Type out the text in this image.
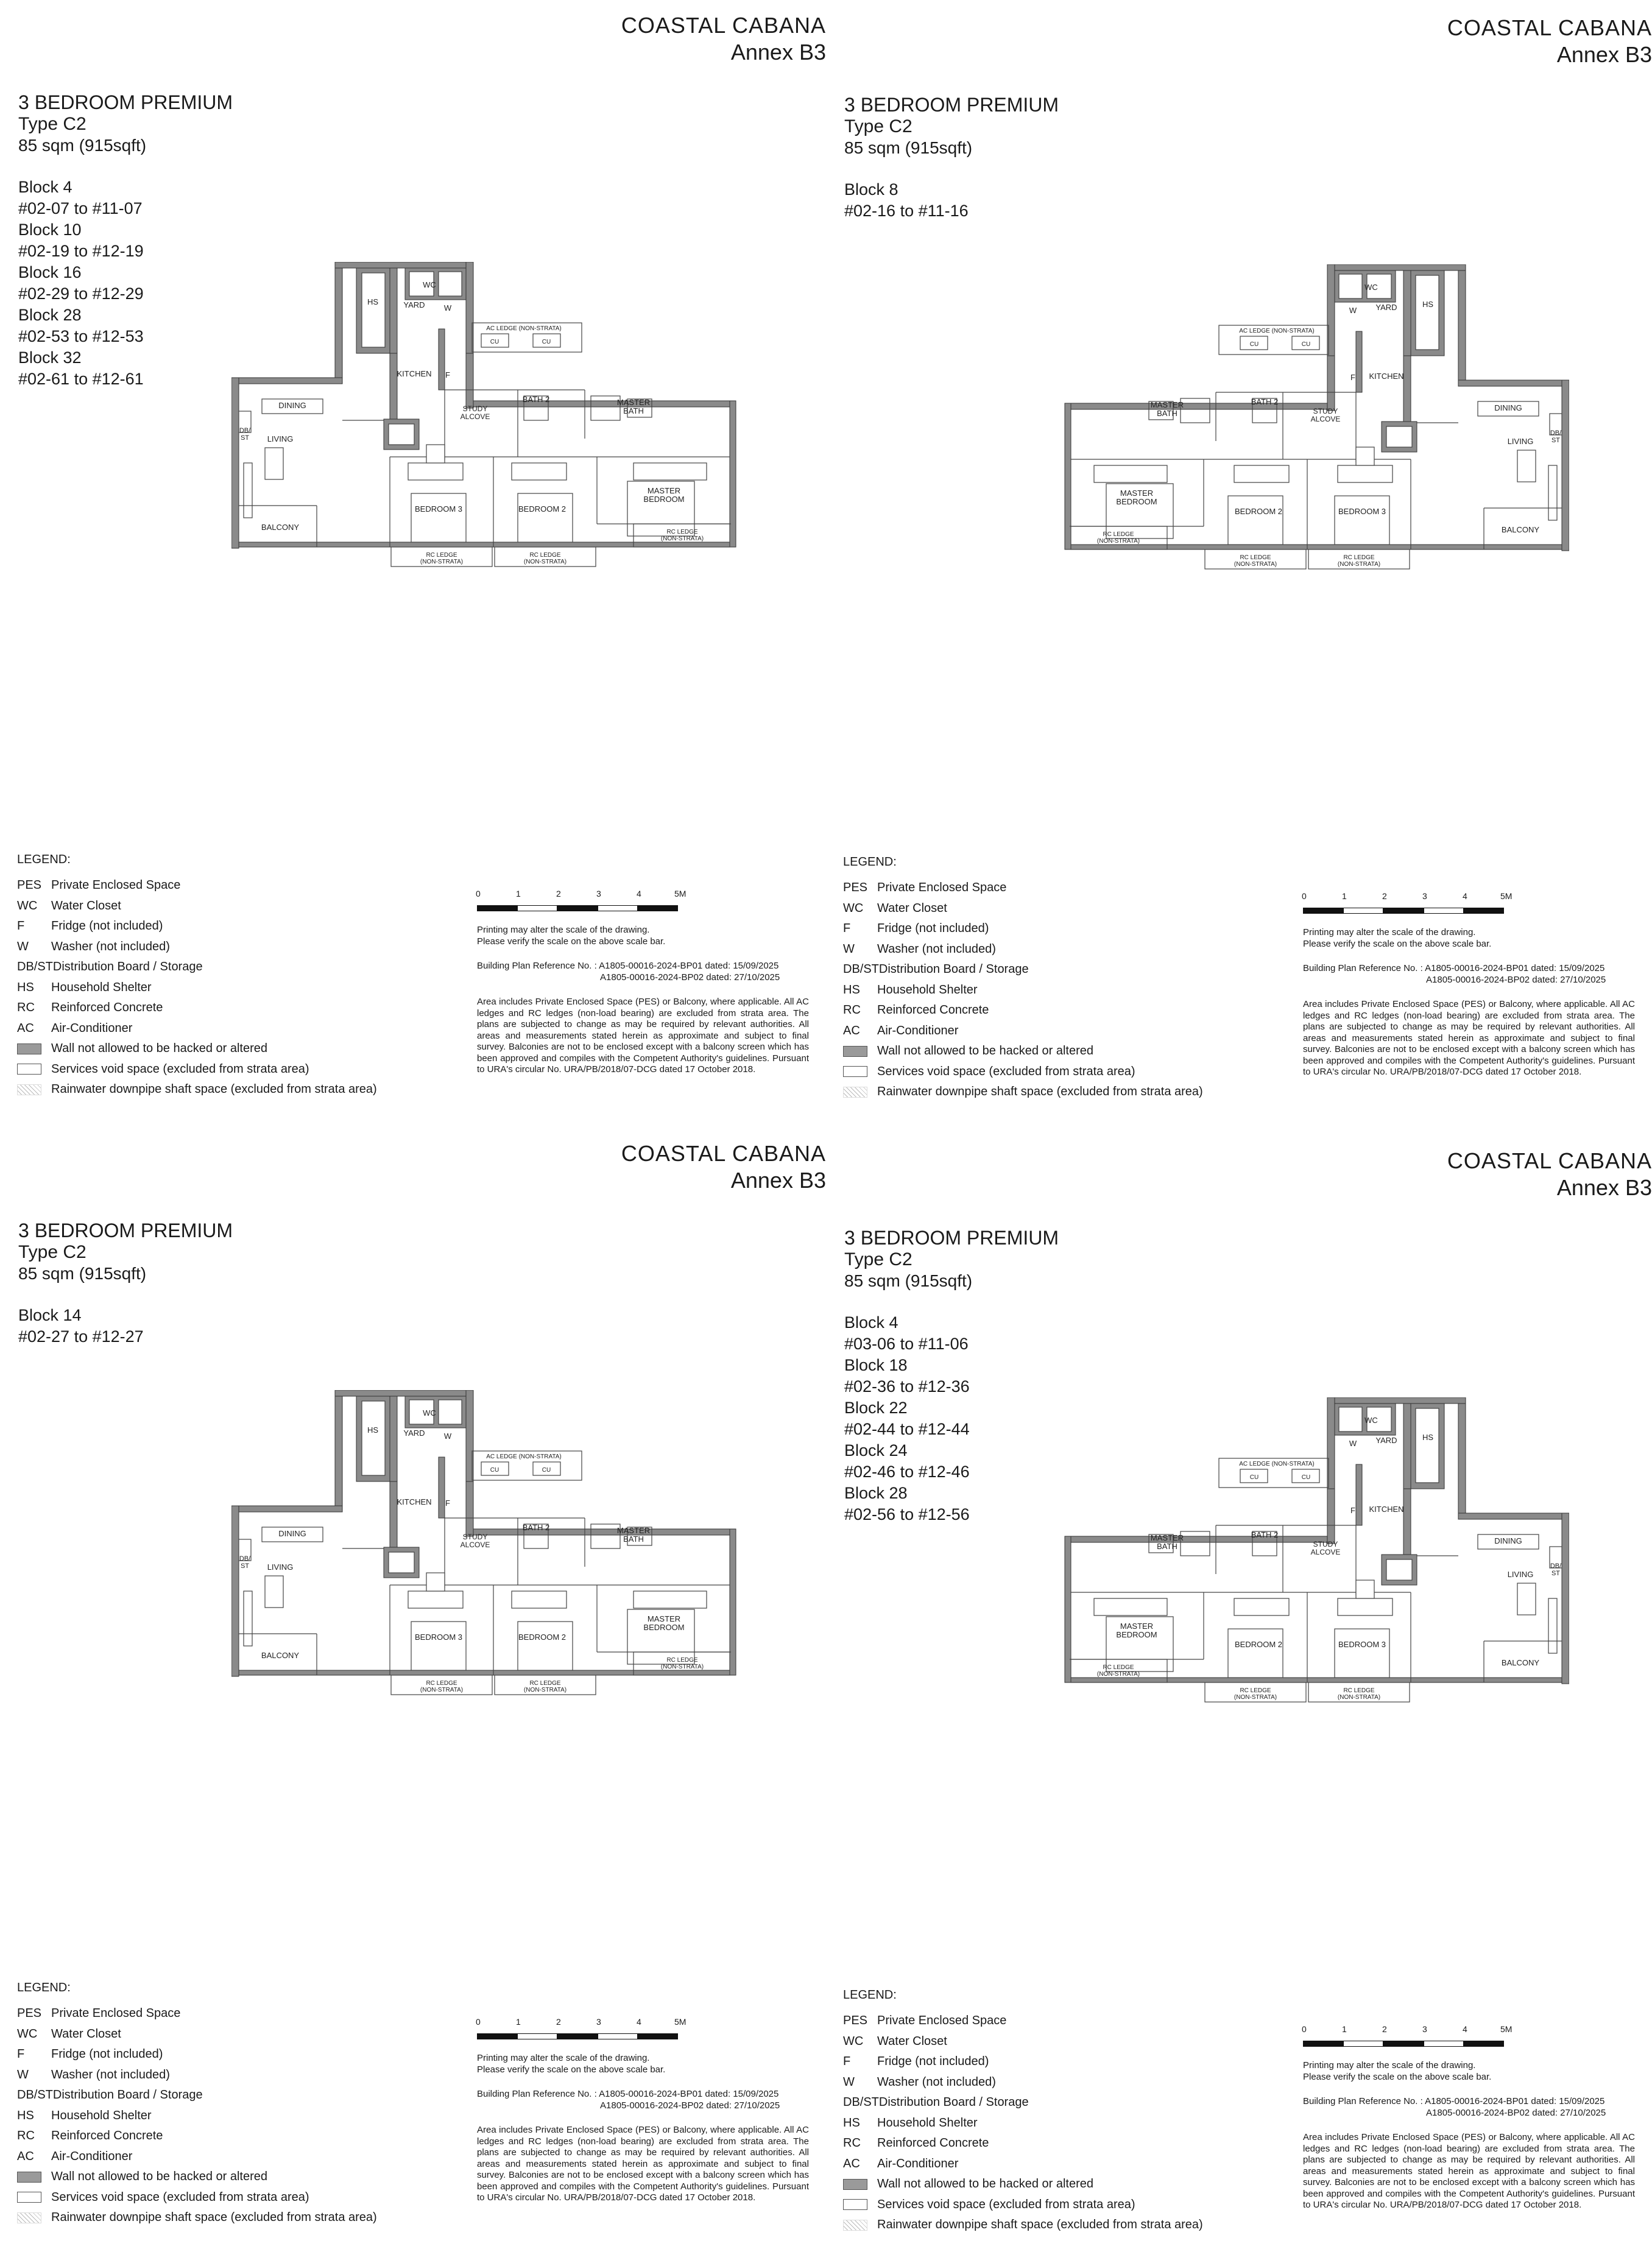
COASTAL CABANA
Annex B3
3 BEDROOM PREMIUM
Type C2
85 sqm (915sqft)
Block 4
#02-07 to #11-07
Block 10
#02-19 to #12-19
Block 16
#02-29 to #12-29
Block 28
#02-53 to #12-53
Block 32
#02-61 to #12-61
HS	YARD
WC
W
F
KITCHEN
DINING
LIVING
BALCONY
DB/ ST
STUDY ALCOVE
BATH 2	MASTER BATH
MASTER BEDROOM
BEDROOM 2
BEDROOM 3
AC LEDGE (NON-STRATA)
CU	CU
RC LEDGE (NON-STRATA)
RC LEDGE (NON-STRATA)
RC LEDGE (NON-STRATA)
LEGEND:
PES Private Enclosed Space
WC	Water Closet
F	Fridge (not included)
W	Washer (not included)
DB/ST Distribution Board / Storage
HS	Household Shelter
RC	Reinforced Concrete
AC	Air-Conditioner
Wall not allowed to be hacked or altered
Services void space (excluded from strata area)
Rainwater downpipe shaft space (excluded from strata area)
0	1	2	3	4	5M

Printing may alter the scale of the drawing.
Please verify the scale on the above scale bar.

Building Plan Reference No. : A1805-00016-2024-BP01 dated: 15/09/2025
A1805-00016-2024-BP02 dated: 27/10/2025

Area includes Private Enclosed Space (PES) or Balcony, where applicable. All AC ledges and RC ledges (non-load bearing) are excluded from strata area. The plans are subjected to change as may be required by relevant authorities. All areas and measurements stated herein as approximate and subject to final survey. Balconies are not to be enclosed except with a balcony screen which has been approved and compiles with the Competent Authority's guidelines. Pursuant to URA's circular No. URA/PB/2018/07-DCG dated 17 October 2018.

COASTAL CABANA
Annex B3
3 BEDROOM PREMIUM
Type C2
85 sqm (915sqft)
Block 8
#02-16 to #11-16
HS
YARD
WC
W
F KITCHEN
DINING
LIVING
BALCONY
DB/ ST
STUDY ALCOVE
BATH 2
MASTER BATH
MASTER BEDROOM
BEDROOM 2	BEDROOM 3
AC LEDGE (NON-STRATA)
CU
CU
RC LEDGE (NON-STRATA)
RC LEDGE (NON-STRATA)
RC LEDGE (NON-STRATA)
LEGEND:
PES Private Enclosed Space
WC	Water Closet
F	Fridge (not included)
W	Washer (not included)
DB/ST Distribution Board / Storage
HS	Household Shelter
RC	Reinforced Concrete
AC	Air-Conditioner
Wall not allowed to be hacked or altered
Services void space (excluded from strata area)
Rainwater downpipe shaft space (excluded from strata area)
0	1	2	3	4	5M

Printing may alter the scale of the drawing.
Please verify the scale on the above scale bar.

Building Plan Reference No. : A1805-00016-2024-BP01 dated: 15/09/2025
A1805-00016-2024-BP02 dated: 27/10/2025

Area includes Private Enclosed Space (PES) or Balcony, where applicable. All AC ledges and RC ledges (non-load bearing) are excluded from strata area. The plans are subjected to change as may be required by relevant authorities. All areas and measurements stated herein as approximate and subject to final survey. Balconies are not to be enclosed except with a balcony screen which has been approved and compiles with the Competent Authority's guidelines. Pursuant to URA's circular No. URA/PB/2018/07-DCG dated 17 October 2018.

COASTAL CABANA
Annex B3
3 BEDROOM PREMIUM
Type C2
85 sqm (915sqft)
Block 14
#02-27 to #12-27
HS	YARD
WC
W
F
KITCHEN
DINING
LIVING
BALCONY
DB/ ST
STUDY ALCOVE
BATH 2	MASTER BATH
MASTER BEDROOM
BEDROOM 2
BEDROOM 3
AC LEDGE (NON-STRATA)
CU	CU
RC LEDGE (NON-STRATA)
RC LEDGE (NON-STRATA)
RC LEDGE (NON-STRATA)
LEGEND:
PES Private Enclosed Space
WC	Water Closet
F	Fridge (not included)
W	Washer (not included)
DB/ST Distribution Board / Storage
HS	Household Shelter
RC	Reinforced Concrete
AC	Air-Conditioner
Wall not allowed to be hacked or altered
Services void space (excluded from strata area)
Rainwater downpipe shaft space (excluded from strata area)
0	1	2	3	4	5M

Printing may alter the scale of the drawing.
Please verify the scale on the above scale bar.

Building Plan Reference No. : A1805-00016-2024-BP01 dated: 15/09/2025
A1805-00016-2024-BP02 dated: 27/10/2025

Area includes Private Enclosed Space (PES) or Balcony, where applicable. All AC ledges and RC ledges (non-load bearing) are excluded from strata area. The plans are subjected to change as may be required by relevant authorities. All areas and measurements stated herein as approximate and subject to final survey. Balconies are not to be enclosed except with a balcony screen which has been approved and compiles with the Competent Authority's guidelines. Pursuant to URA's circular No. URA/PB/2018/07-DCG dated 17 October 2018.

COASTAL CABANA
Annex B3
3 BEDROOM PREMIUM
Type C2
85 sqm (915sqft)
Block 4
#03-06 to #11-06
Block 18
#02-36 to #12-36
Block 22
#02-44 to #12-44
Block 24
#02-46 to #12-46
Block 28
#02-56 to #12-56
HS
YARD
WC
W
F KITCHEN
DINING
LIVING
BALCONY
DB/ ST
STUDY ALCOVE
BATH 2
MASTER BATH
MASTER BEDROOM
BEDROOM 2	BEDROOM 3
AC LEDGE (NON-STRATA)
CU
CU
RC LEDGE (NON-STRATA)
RC LEDGE (NON-STRATA)
RC LEDGE (NON-STRATA)
LEGEND:
PES Private Enclosed Space
WC	Water Closet
F	Fridge (not included)
W	Washer (not included)
DB/ST Distribution Board / Storage
HS	Household Shelter
RC	Reinforced Concrete
AC	Air-Conditioner
Wall not allowed to be hacked or altered
Services void space (excluded from strata area)
Rainwater downpipe shaft space (excluded from strata area)
0	1	2	3	4	5M

Printing may alter the scale of the drawing.
Please verify the scale on the above scale bar.

Building Plan Reference No. : A1805-00016-2024-BP01 dated: 15/09/2025
A1805-00016-2024-BP02 dated: 27/10/2025

Area includes Private Enclosed Space (PES) or Balcony, where applicable. All AC ledges and RC ledges (non-load bearing) are excluded from strata area. The plans are subjected to change as may be required by relevant authorities. All areas and measurements stated herein as approximate and subject to final survey. Balconies are not to be enclosed except with a balcony screen which has been approved and compiles with the Competent Authority's guidelines. Pursuant to URA's circular No. URA/PB/2018/07-DCG dated 17 October 2018.
